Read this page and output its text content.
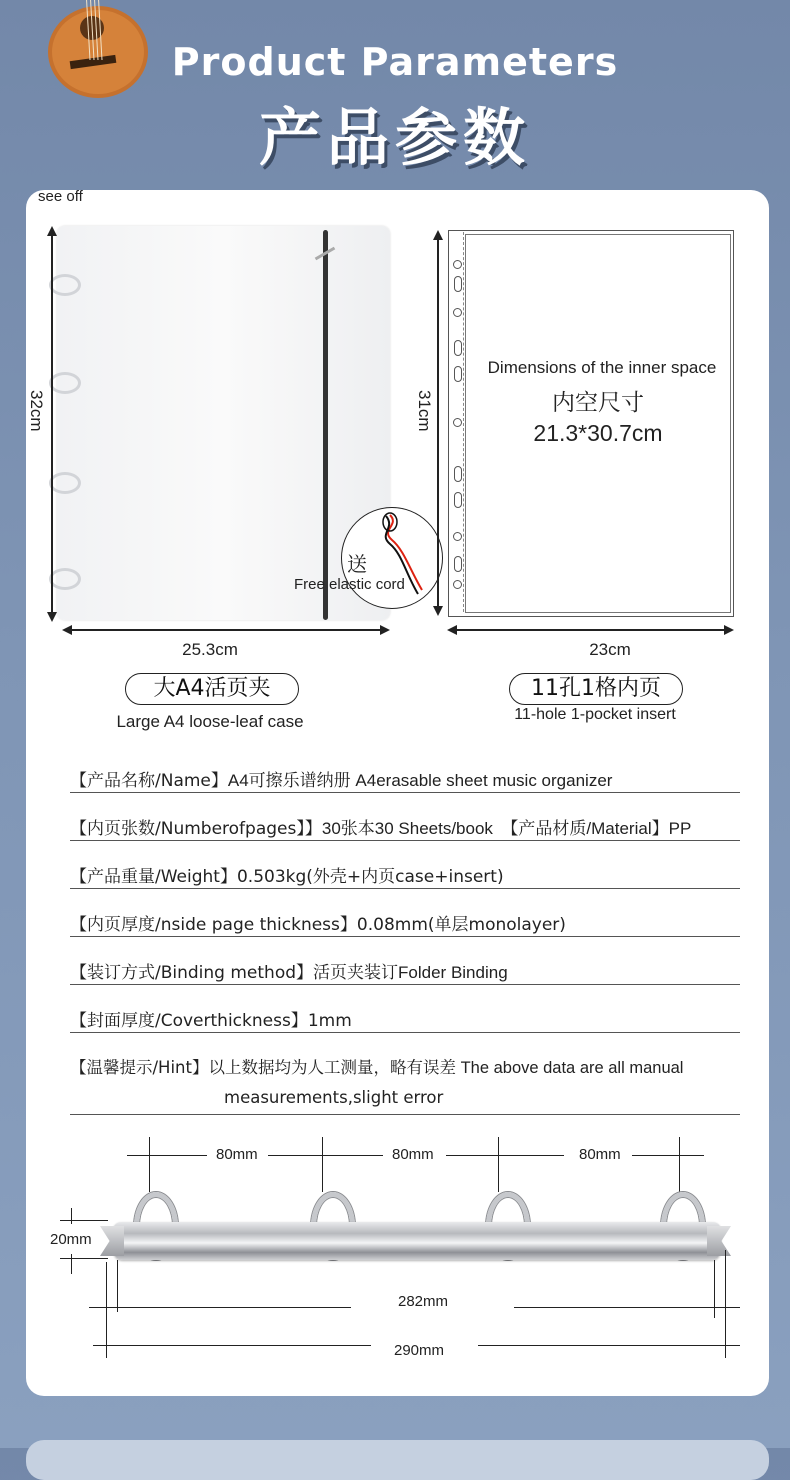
Product Parameters
产品参数
see off
32cm
25.3cm
送
Free elastic cord
Dimensions of the inner space
内空尺寸
21.3*30.7cm
31cm
23cm
大A4活页夹
Large A4 loose-leaf case
11孔1格内页
11-hole 1-pocket insert
【产品名称/Name】A4可擦乐谱纳册 A4erasable sheet music organizer
【内页张数/Numberofpages】】30张本30 Sheets/book　【产品材质/Material】PP
【产品重量/Weight】0.503kg(外壳+内页case+insert)
【内页厚度/nside page thickness】0.08mm(单层monolayer)
【装订方式/Binding method】活页夹装订Folder Binding
【封面厚度/Coverthickness】1mm
【温馨提示/Hint】以上数据均为人工测量，略有误差 The above data are all manual
measurements,slight error
80mm	80mm	80mm
20mm
282mm
290mm
